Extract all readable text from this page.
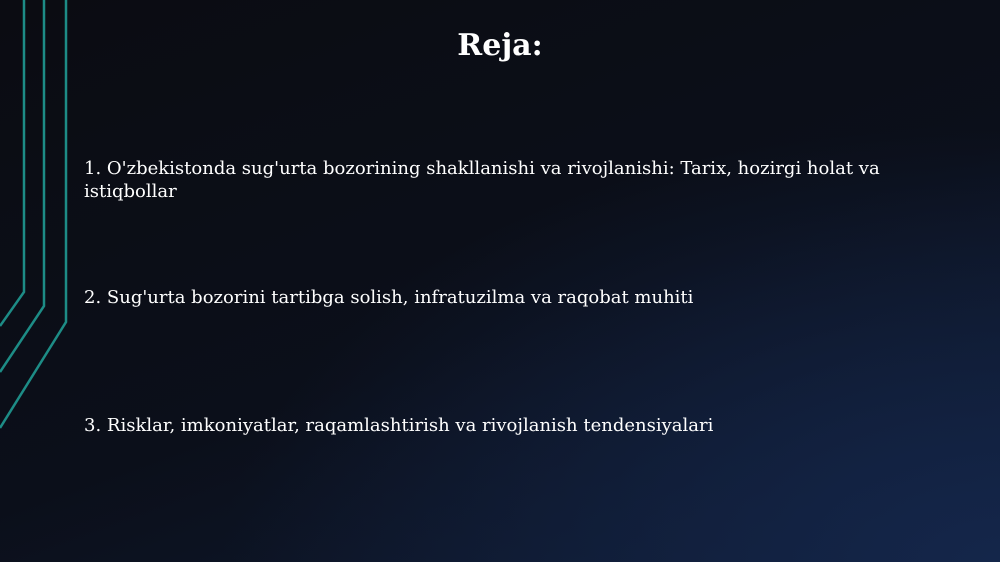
Reja:
1. O'zbekistonda sug'urta bozorining shakllanishi va rivojlanishi: Tarix, hozirgi holat va istiqbollar
2. Sug'urta bozorini tartibga solish, infratuzilma va raqobat muhiti
3. Risklar, imkoniyatlar, raqamlashtirish va rivojlanish tendensiyalari
